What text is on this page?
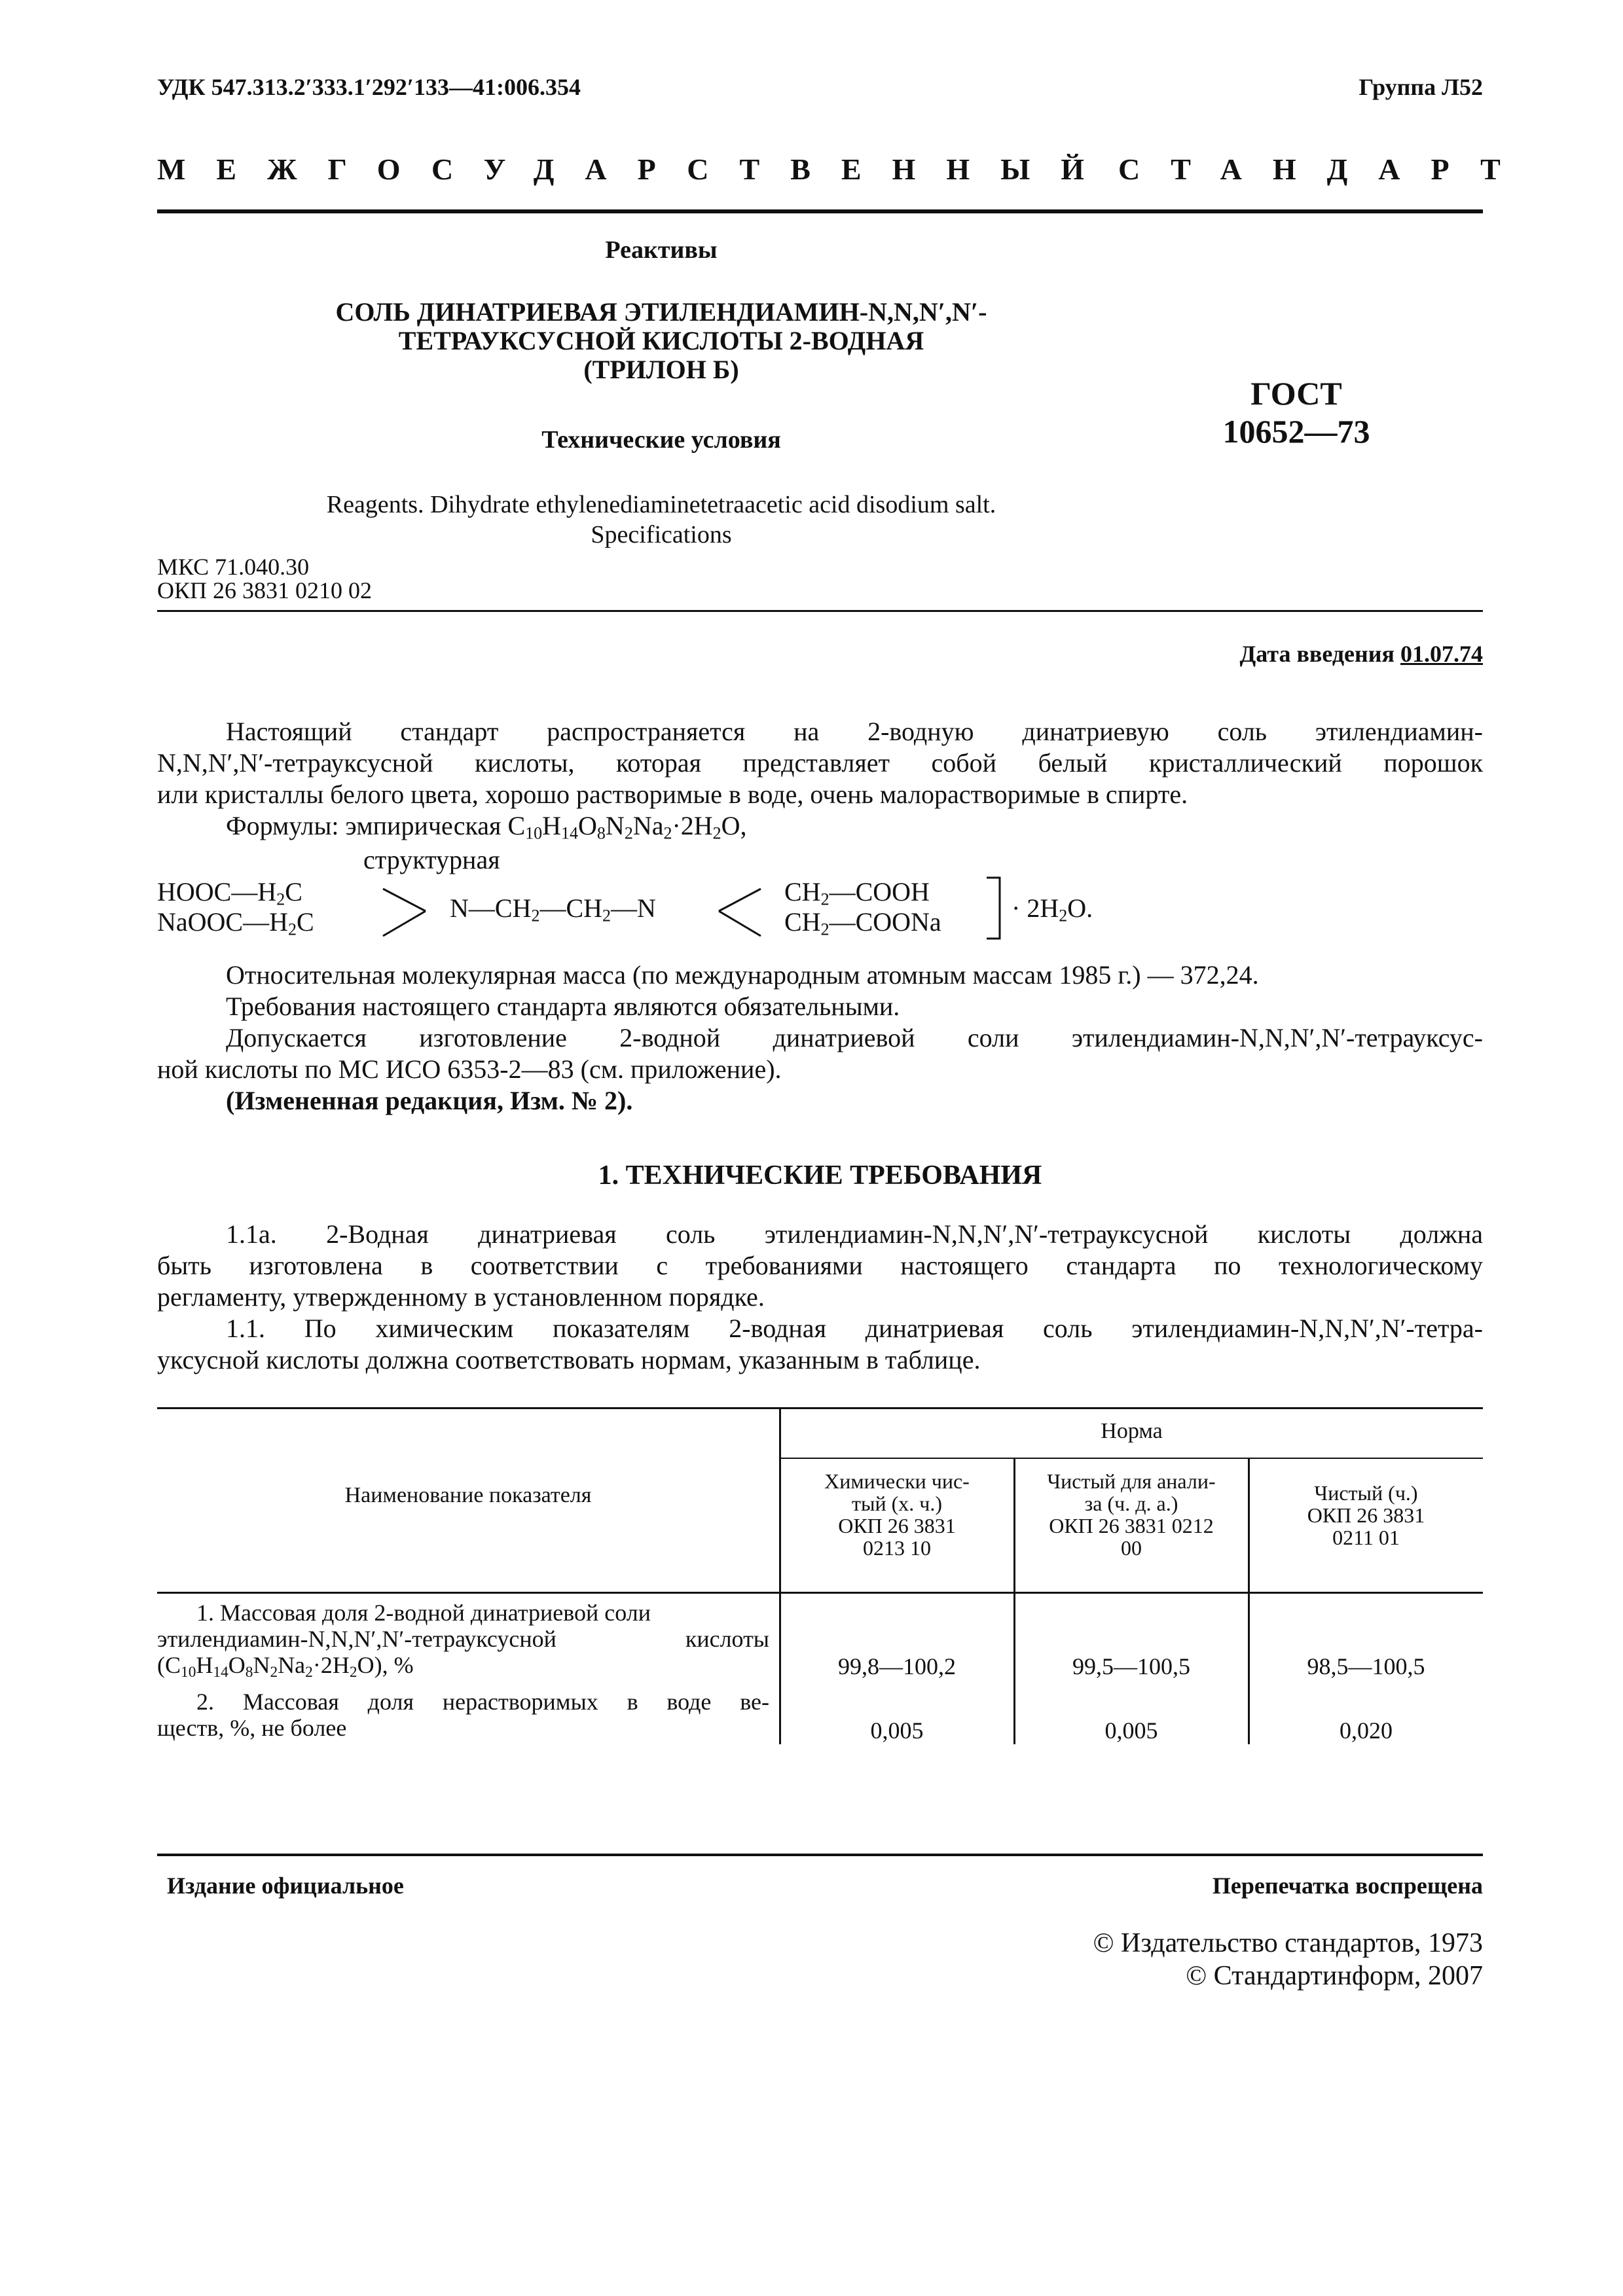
УДК 547.313.2′333.1′292′133—41:006.354	Группа Л52
МЕЖГОСУДАРСТВЕННЫЙ СТАНДАРТ
Реактивы
СОЛЬ ДИНАТРИЕВАЯ ЭТИЛЕНДИАМИН-N,N,N′,N′-
ТЕТРАУКСУСНОЙ КИСЛОТЫ 2-ВОДНАЯ
(ТРИЛОН Б)
Технические условия
ГОСТ
10652—73
Reagents. Dihydrate ethylenediaminetetraacetic acid disodium salt.
Specifications
МКС 71.040.30
ОКП 26 3831 0210 02
Дата введения 01.07.74
Настоящий стандарт распространяется на 2-водную динатриевую соль этилендиамин-
N,N,N′,N′-тетрауксусной кислоты, которая представляет собой белый кристаллический порошок
или кристаллы белого цвета, хорошо растворимые в воде, очень малорастворимые в спирте.
Формулы: эмпирическая $C_{10}H_{14}O_8N_2Na_2\cdot 2H_2O$,
структурная
$HOOC—H_2C$
$NaOOC—H_2C$	$N—CH_2—CH_2—N$
$CH_2—COOH$
$CH_2—COONa$	· $2H_2O$.
Относительная молекулярная масса (по международным атомным массам 1985 г.) — 372,24.
Требования настоящего стандарта являются обязательными.
Допускается изготовление 2-водной динатриевой соли этилендиамин-N,N,N′,N′-тетрауксус-
ной кислоты по МС ИСО 6353-2—83 (см. приложение).
(Измененная редакция, Изм. № 2).
1. ТЕХНИЧЕСКИЕ ТРЕБОВАНИЯ
1.1а. 2-Водная динатриевая соль этилендиамин-N,N,N′,N′-тетрауксусной кислоты должна
быть изготовлена в соответствии с требованиями настоящего стандарта по технологическому
регламенту, утвержденному в установленном порядке.
1.1. По химическим показателям 2-водная динатриевая соль этилендиамин-N,N,N′,N′-тетра-
уксусной кислоты должна соответствовать нормам, указанным в таблице.
Наименование показателя
Норма
Химически чис-
тый (х. ч.)
ОКП 26 3831
0213 10
Чистый для анали-
за (ч. д. а.)
ОКП 26 3831 0212
00
Чистый (ч.)
ОКП 26 3831
0211 01
1. Массовая доля 2-водной динатриевой соли
этилендиамин-N,N,N′,N′-тетрауксусной кислоты
$(C_{10}H_{14}O_8N_2Na_2\cdot 2H_2O)$, %	99,8—100,2	99,5—100,5	98,5—100,5
2. Массовая доля нерастворимых в воде ве-
ществ, %, не более	0,005	0,005	0,020
Издание официальное	Перепечатка воспрещена
© Издательство стандартов, 1973
© Стандартинформ, 2007
